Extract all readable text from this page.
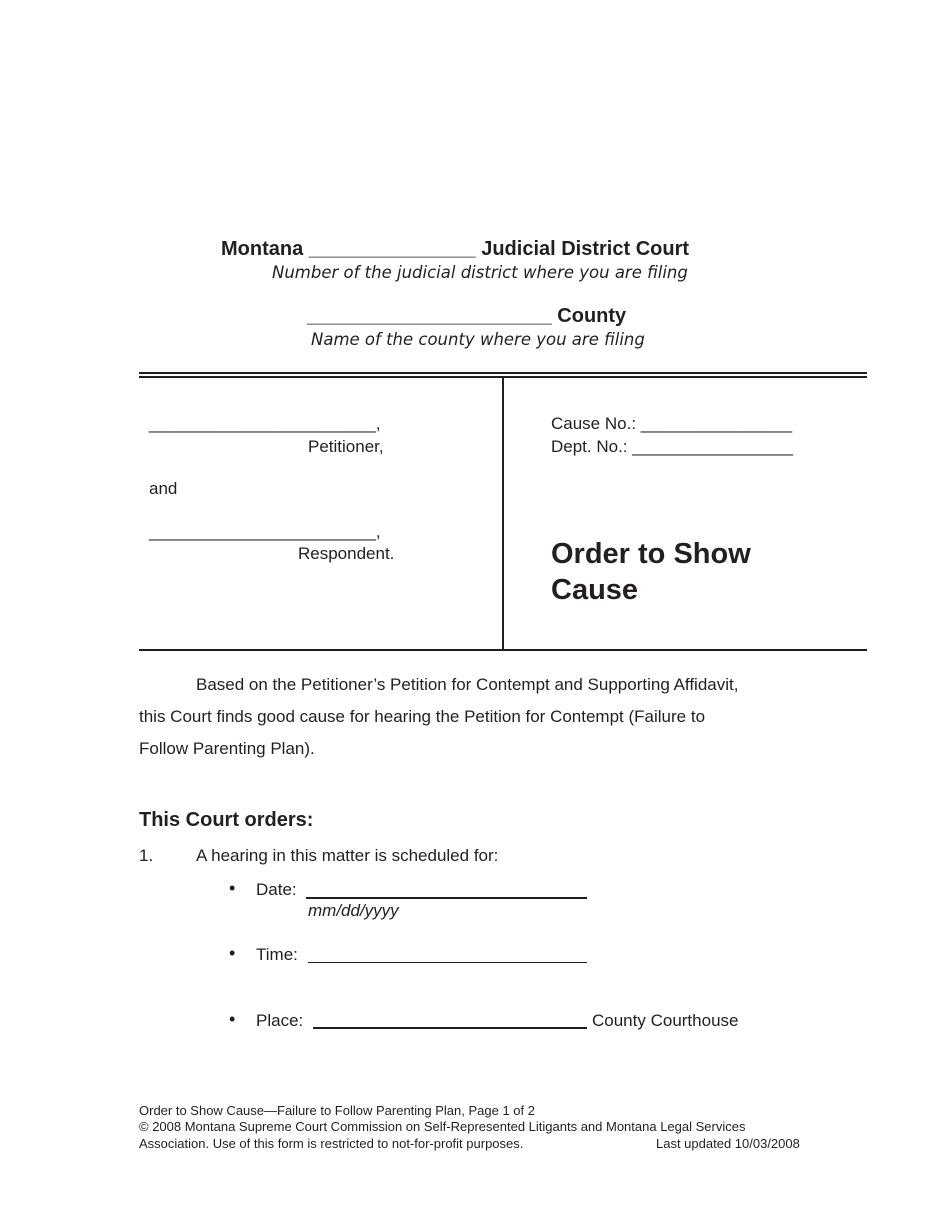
Montana _______________ Judicial District Court
Number of the judicial district where you are filing
______________________ County
Name of the county where you are filing
________________________,
Petitioner,
and
________________________,
Respondent.
Cause No.: ________________
Dept. No.: _________________
Order to Show
Cause
Based on the Petitioner’s Petition for Contempt and Supporting Affidavit,
this Court finds good cause for hearing the Petition for Contempt (Failure to
Follow Parenting Plan).
This Court orders:
1.	A hearing in this matter is scheduled for:
• Date:
mm/dd/yyyy
• Time:
• Place:	County Courthouse
Order to Show Cause—Failure to Follow Parenting Plan, Page 1 of 2
© 2008 Montana Supreme Court Commission on Self-Represented Litigants and Montana Legal Services
Association. Use of this form is restricted to not-for-profit purposes.	Last updated 10/03/2008
